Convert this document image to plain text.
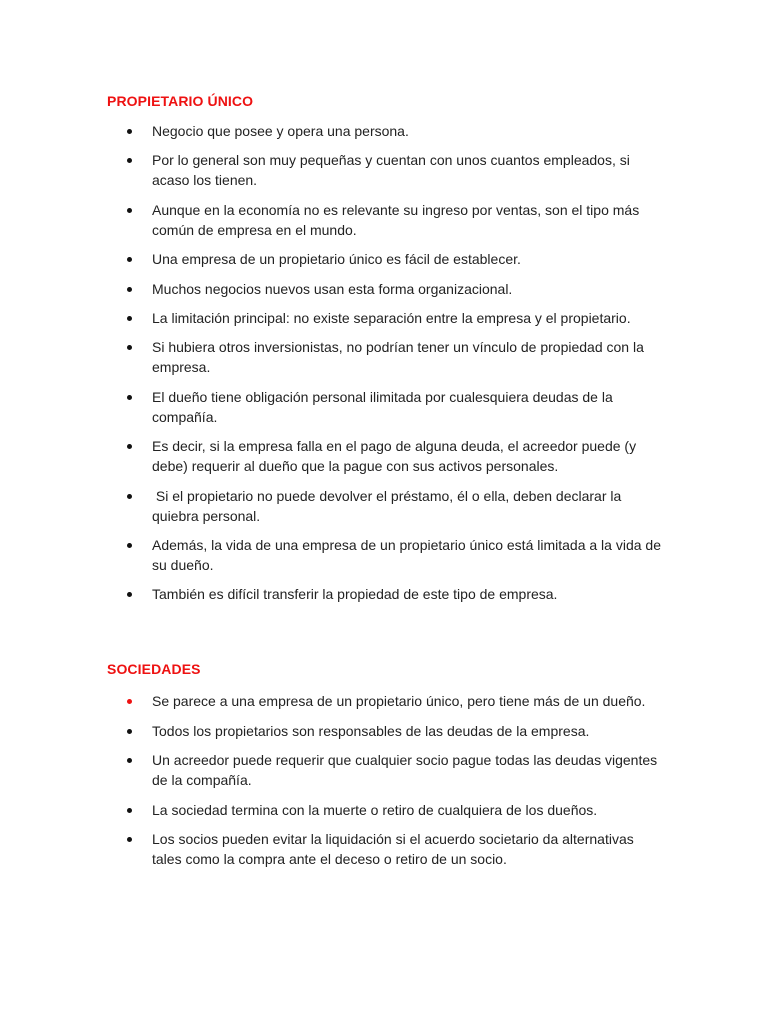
PROPIETARIO ÚNICO
Negocio que posee y opera una persona.
Por lo general son muy pequeñas y cuentan con unos cuantos empleados, si acaso los tienen.
Aunque en la economía no es relevante su ingreso por ventas, son el tipo más común de empresa en el mundo.
Una empresa de un propietario único es fácil de establecer.
Muchos negocios nuevos usan esta forma organizacional.
La limitación principal: no existe separación entre la empresa y el propietario.
Si hubiera otros inversionistas, no podrían tener un vínculo de propiedad con la empresa.
El dueño tiene obligación personal ilimitada por cualesquiera deudas de la compañía.
Es decir, si la empresa falla en el pago de alguna deuda, el acreedor puede (y debe) requerir al dueño que la pague con sus activos personales.
Si el propietario no puede devolver el préstamo, él o ella, deben declarar la quiebra personal.
Además, la vida de una empresa de un propietario único está limitada a la vida de su dueño.
También es difícil transferir la propiedad de este tipo de empresa.
SOCIEDADES
Se parece a una empresa de un propietario único, pero tiene más de un dueño.
Todos los propietarios son responsables de las deudas de la empresa.
Un acreedor puede requerir que cualquier socio pague todas las deudas vigentes de la compañía.
La sociedad termina con la muerte o retiro de cualquiera de los dueños.
Los socios pueden evitar la liquidación si el acuerdo societario da alternativas tales como la compra ante el deceso o retiro de un socio.
